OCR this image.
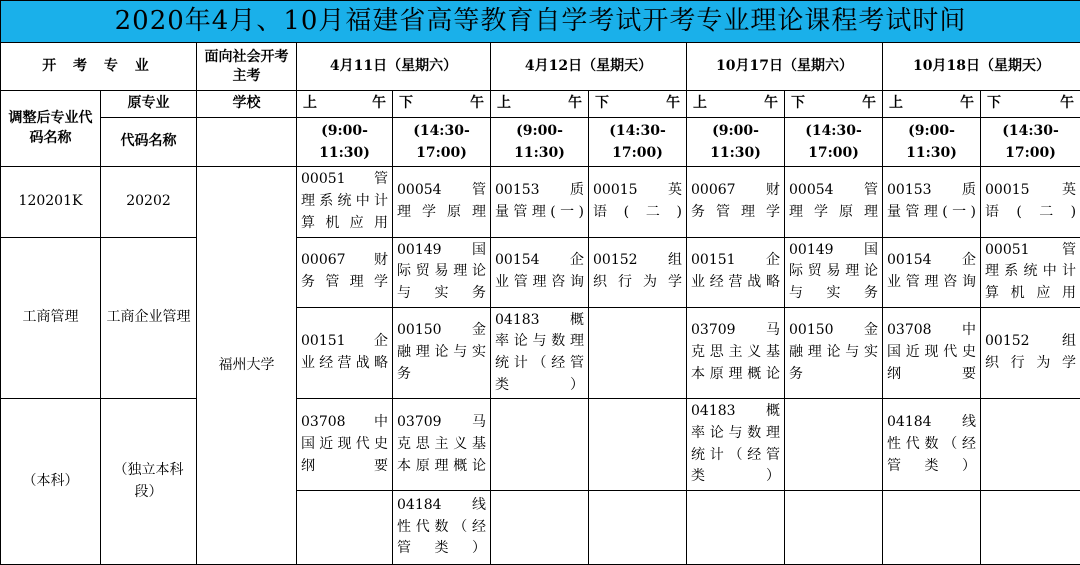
2020年4月、10月福建省高等教育自学考试开考专业理论课程考试时间										
开 考 专 业		面向社会开考主考	4月11日（星期六）		4月12日（星期天）		10月17日（星期六）		10月18日（星期天）	
调整后专业代码名称	原专业	学校	上 午	下 午	上 午	下 午	上 午	下 午	上 午	下 午

	代码名称		(9:00-
11:30)	(14:30-
17:00)	(9:00-
11:30)	(14:30-
17:00)	(9:00-
11:30)	(14:30-
17:00)	(9:00-
11:30)	(14:30-
17:00)

120201K	20202	福州大学	00051 管
理系统中计
算机应用	00054 管
理学原理	00153 质
量管理(一)	00015 英
语(二)	00067 财
务管理学	00054 管
理学原理	00153 质
量管理(一)	00015 英
语(二)

工商管理	工商企业管理		00067 财
务管理学	00149 国
际贸易理论
与实务	00154 企
业管理咨询	00152 组
织行为学	00151 企
业经营战略	00149 国
际贸易理论
与实务	00154 企
业管理咨询	00051 管
理系统中计
算机应用

			00151 企
业经营战略	00150 金
融理论与实
务	04183 概
率论与数理
统计（经管
类）		03709 马
克思主义基
本原理概论	00150 金
融理论与实
务	03708 中
国近现代史
纲要	00152 组
织行为学

（本科）	（独立本科段）		03708 中
国近现代史
纲要	03709 马
克思主义基
本原理概论			04183 概
率论与数理
统计（经管
类）		04184 线
性代数（经
管类）	

				04184 线
性代数（经
管类）						
